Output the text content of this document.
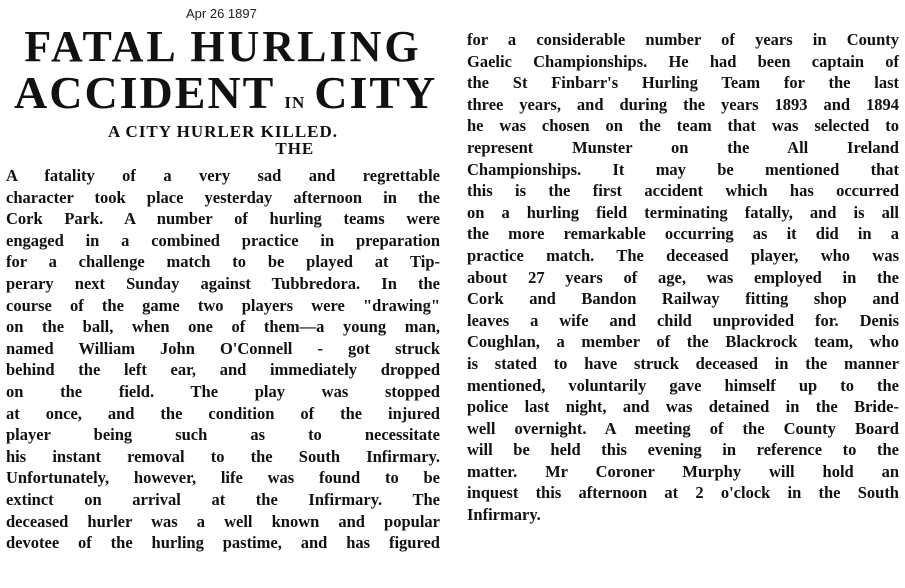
Apr 26 1897

FATAL HURLING
ACCIDENT IN THE
CITY
A CITY HURLER KILLED.
A fatality of a very sad and regrettable
character took place yesterday afternoon in the
Cork Park. A number of hurling teams were
engaged in a combined practice in preparation
for a challenge match to be played at Tip-
perary next Sunday against Tubbredora. In the
course of the game two players were "drawing"
on the ball, when one of them—a young man,
named William John O'Connell - got struck
behind the left ear, and immediately dropped
on the field. The play was stopped
at once, and the condition of the injured
player being such as to necessitate
his instant removal to the South Infirmary.
Unfortunately, however, life was found to be
extinct on arrival at the Infirmary. The
deceased hurler was a well known and popular
devotee of the hurling pastime, and has figured
for a considerable number of years in County
Gaelic Championships. He had been captain of
the St Finbarr's Hurling Team for the last
three years, and during the years 1893 and 1894
he was chosen on the team that was selected to
represent Munster on the All Ireland
Championships. It may be mentioned that
this is the first accident which has occurred
on a hurling field terminating fatally, and is all
the more remarkable occurring as it did in a
practice match. The deceased player, who was
about 27 years of age, was employed in the
Cork and Bandon Railway fitting shop and
leaves a wife and child unprovided for. Denis
Coughlan, a member of the Blackrock team, who
is stated to have struck deceased in the manner
mentioned, voluntarily gave himself up to the
police last night, and was detained in the Bride-
well overnight. A meeting of the County Board
will be held this evening in reference to the
matter. Mr Coroner Murphy will hold an
inquest this afternoon at 2 o'clock in the South
Infirmary.
